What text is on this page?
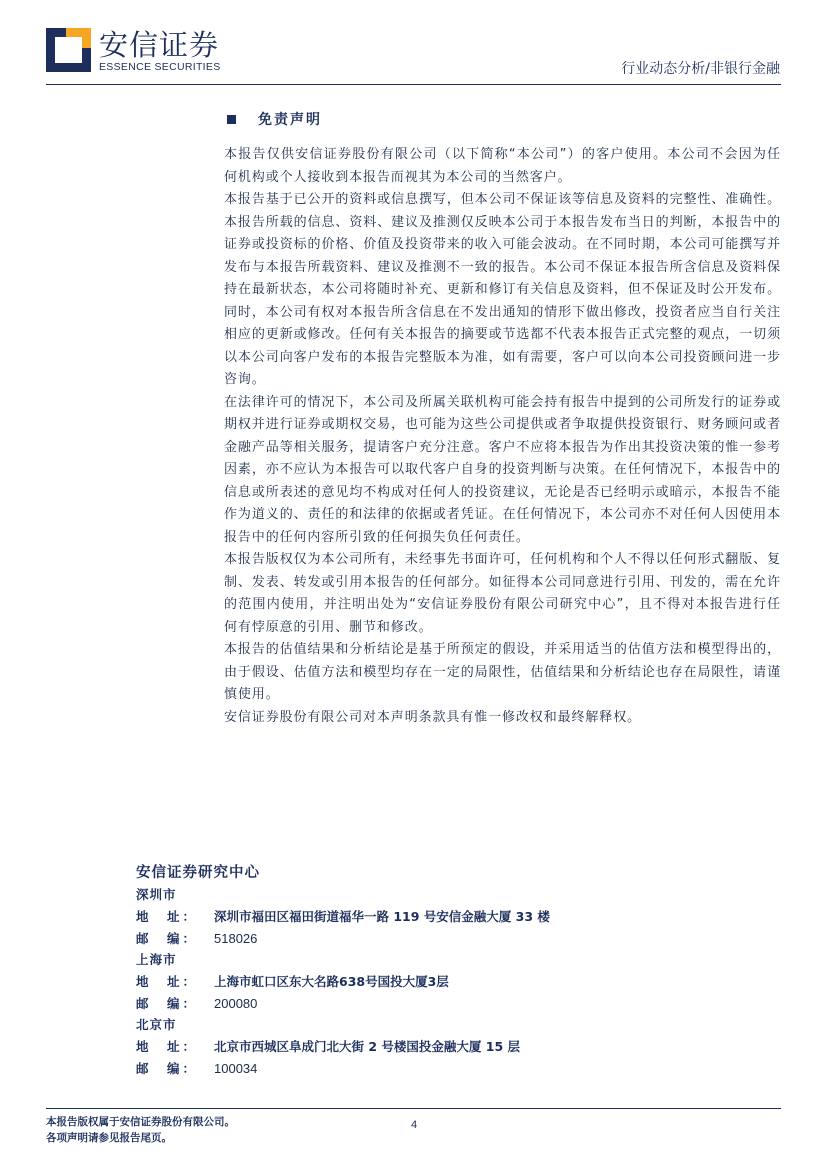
安信证券
ESSENCE SECURITIES	行业动态分析/非银行金融
免责声明

本报告仅供安信证券股份有限公司（以下简称“本公司”）的客户使用。本公司不会因为任何机构或个人接收到本报告而视其为本公司的当然客户。

本报告基于已公开的资料或信息撰写，但本公司不保证该等信息及资料的完整性、准确性。本报告所载的信息、资料、建议及推测仅反映本公司于本报告发布当日的判断，本报告中的证券或投资标的价格、价值及投资带来的收入可能会波动。在不同时期，本公司可能撰写并发布与本报告所载资料、建议及推测不一致的报告。本公司不保证本报告所含信息及资料保持在最新状态，本公司将随时补充、更新和修订有关信息及资料，但不保证及时公开发布。同时，本公司有权对本报告所含信息在不发出通知的情形下做出修改，投资者应当自行关注相应的更新或修改。任何有关本报告的摘要或节选都不代表本报告正式完整的观点，一切须以本公司向客户发布的本报告完整版本为准，如有需要，客户可以向本公司投资顾问进一步咨询。

在法律许可的情况下，本公司及所属关联机构可能会持有报告中提到的公司所发行的证券或期权并进行证券或期权交易，也可能为这些公司提供或者争取提供投资银行、财务顾问或者金融产品等相关服务，提请客户充分注意。客户不应将本报告为作出其投资决策的惟一参考因素，亦不应认为本报告可以取代客户自身的投资判断与决策。在任何情况下，本报告中的信息或所表述的意见均不构成对任何人的投资建议，无论是否已经明示或暗示，本报告不能作为道义的、责任的和法律的依据或者凭证。在任何情况下，本公司亦不对任何人因使用本报告中的任何内容所引致的任何损失负任何责任。

本报告版权仅为本公司所有，未经事先书面许可，任何机构和个人不得以任何形式翻版、复制、发表、转发或引用本报告的任何部分。如征得本公司同意进行引用、刊发的，需在允许的范围内使用，并注明出处为“安信证券股份有限公司研究中心”，且不得对本报告进行任何有悖原意的引用、删节和修改。

本报告的估值结果和分析结论是基于所预定的假设，并采用适当的估值方法和模型得出的，由于假设、估值方法和模型均存在一定的局限性，估值结果和分析结论也存在局限性，请谨慎使用。

安信证券股份有限公司对本声明条款具有惟一修改权和最终解释权。

安信证券研究中心
深圳市
地　址：	深圳市福田区福田街道福华一路 119 号安信金融大厦 33 楼
邮　编：	518026
上海市
地　址：	上海市虹口区东大名路638号国投大厦3层
邮　编：	200080
北京市
地　址：	北京市西城区阜成门北大街 2 号楼国投金融大厦 15 层
邮　编：	100034
本报告版权属于安信证券股份有限公司。
各项声明请参见报告尾页。
4
